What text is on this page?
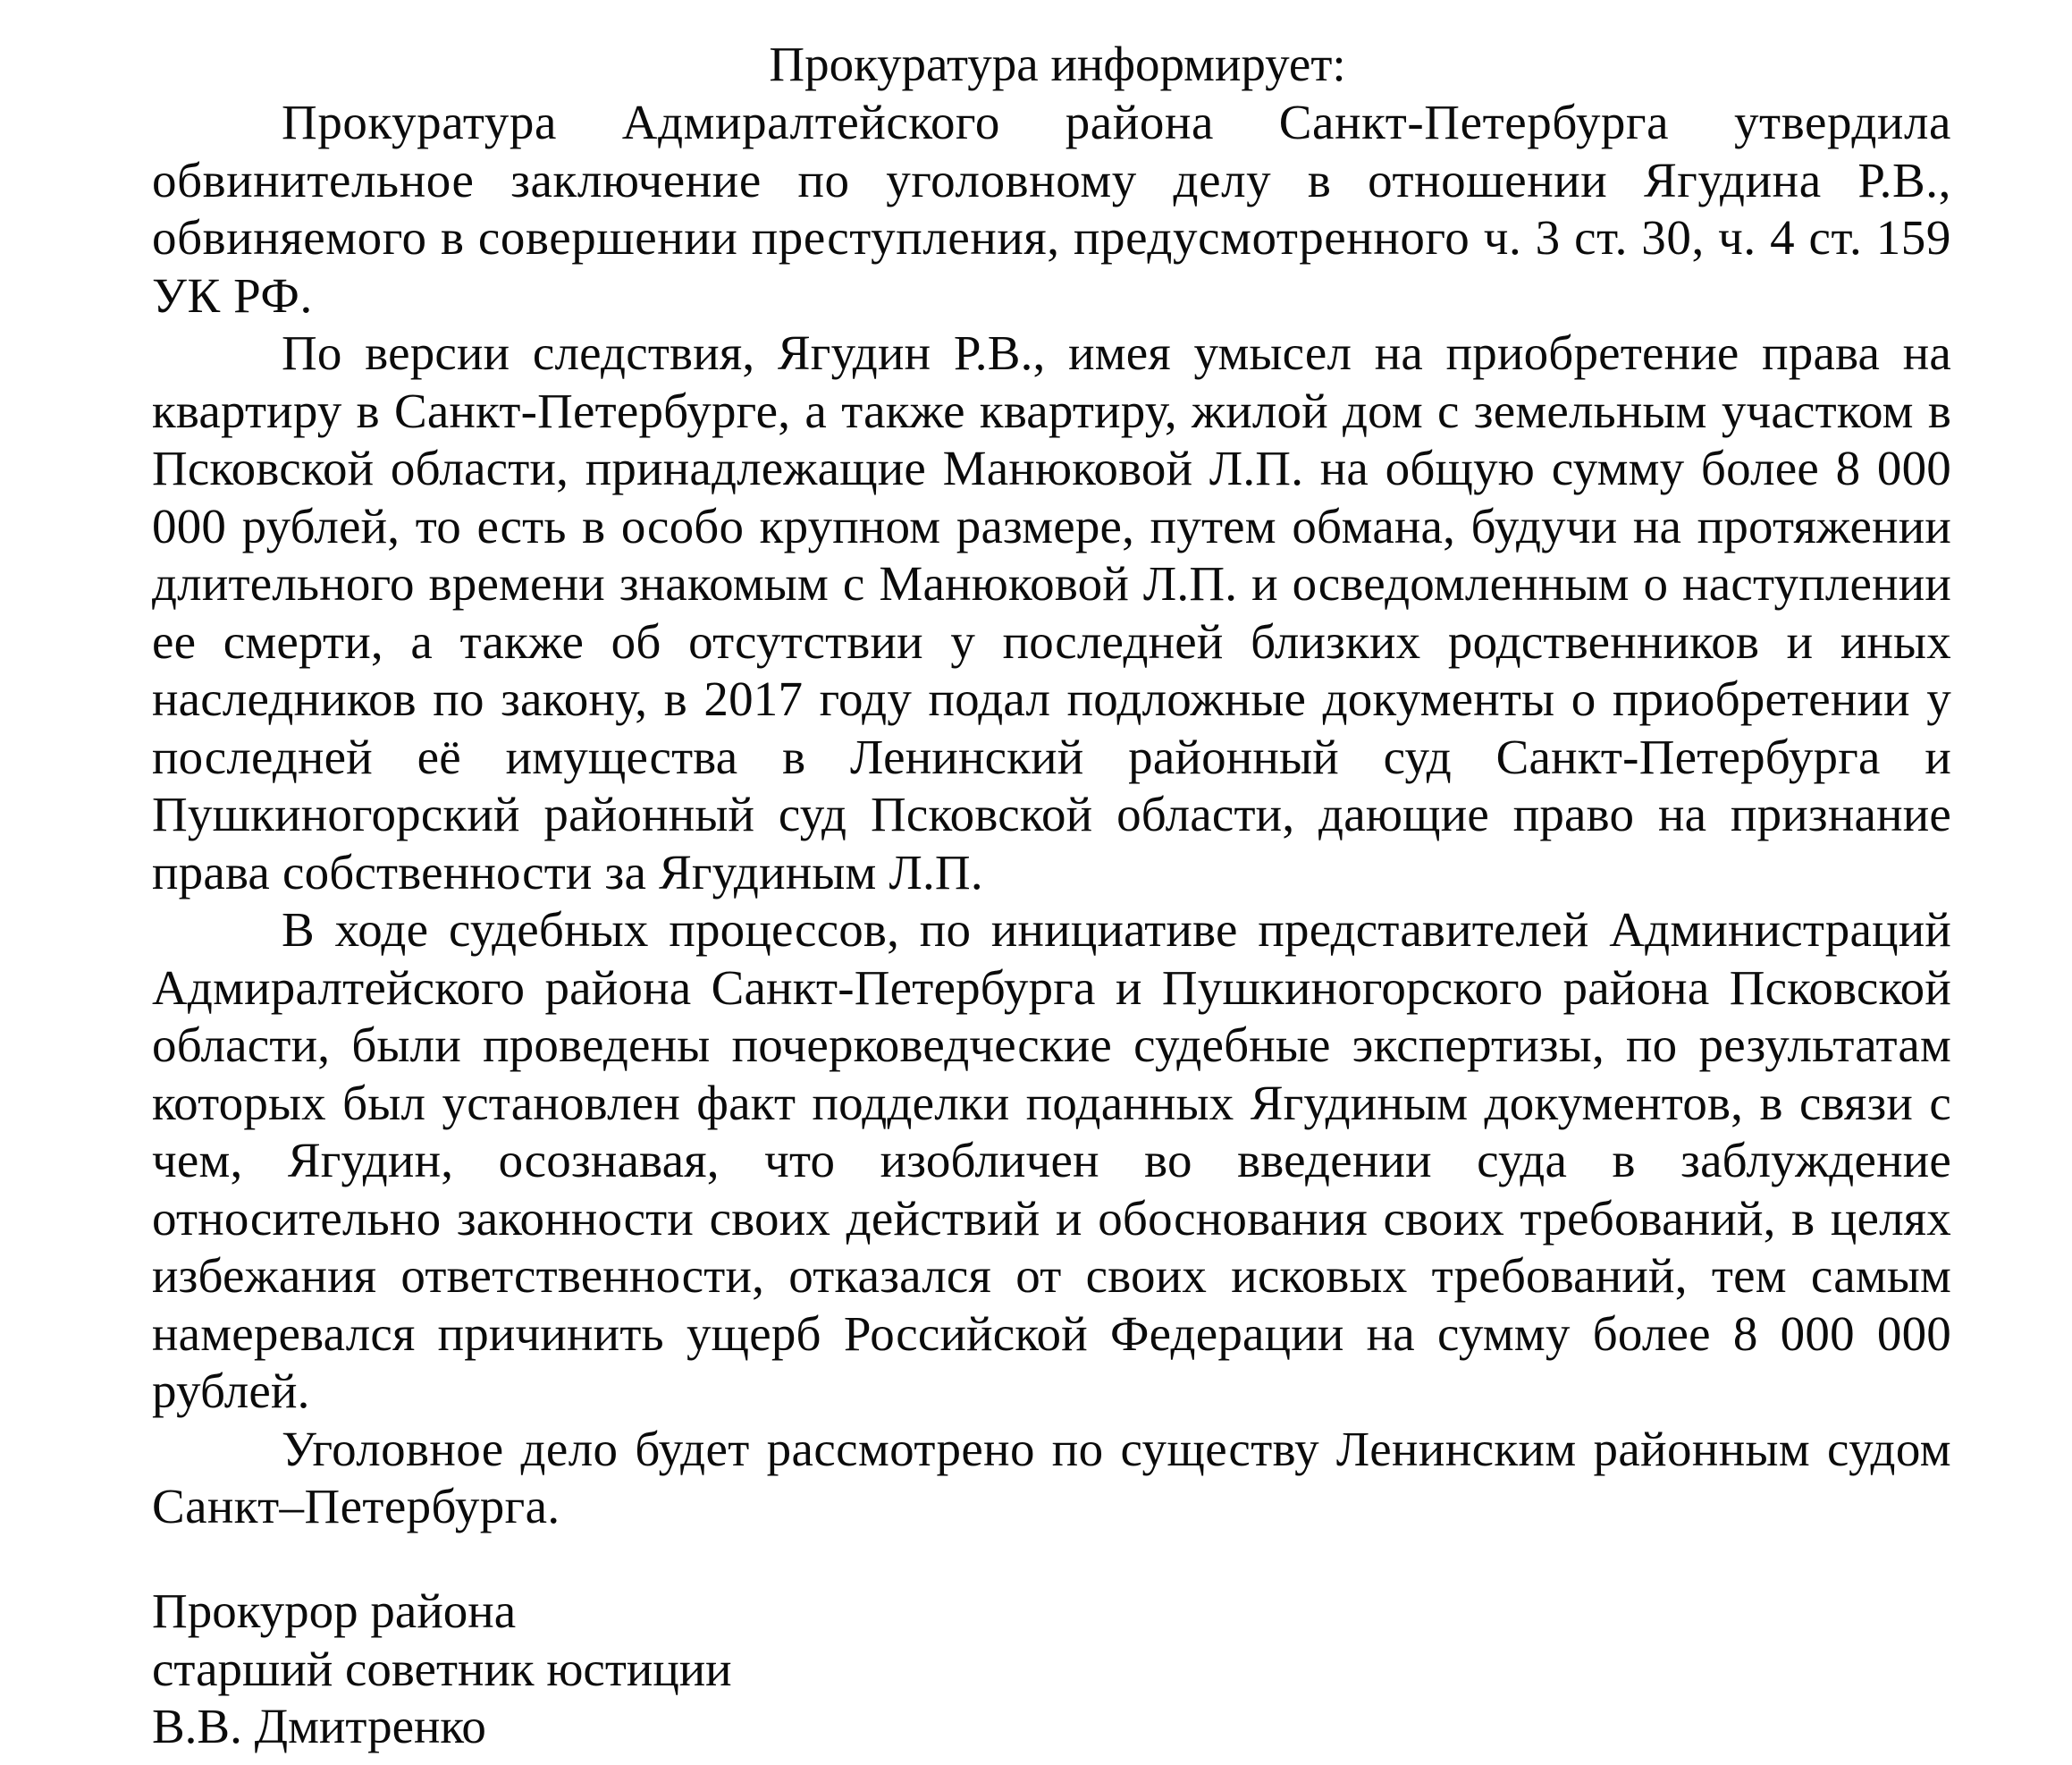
Прокуратура информирует:

Прокуратура Адмиралтейского района Санкт-Петербурга утвердила обвинительное заключение по уголовному делу в отношении Ягудина Р.В., обвиняемого в совершении преступления, предусмотренного ч. 3 ст. 30, ч. 4 ст. 159 УК РФ.

По версии следствия, Ягудин Р.В., имея умысел на приобретение права на квартиру в Санкт-Петербурге, а также квартиру, жилой дом с земельным участком в Псковской области, принадлежащие Манюковой Л.П. на общую сумму более 8 000 000 рублей, то есть в особо крупном размере, путем обмана, будучи на протяжении длительного времени знакомым с Манюковой Л.П. и осведомленным о наступлении ее смерти, а также об отсутствии у последней близких родственников и иных наследников по закону, в 2017 году подал подложные документы о приобретении у последней её имущества в Ленинский районный суд Санкт-Петербурга и Пушкиногорский районный суд Псковской области, дающие право на признание права собственности за Ягудиным Л.П.

В ходе судебных процессов, по инициативе представителей Администраций Адмиралтейского района Санкт-Петербурга и Пушкиногорского района Псковской области, были проведены почерковедческие судебные экспертизы, по результатам которых был установлен факт подделки поданных Ягудиным документов, в связи с чем, Ягудин, осознавая, что изобличен во введении суда в заблуждение относительно законности своих действий и обоснования своих требований, в целях избежания ответственности, отказался от своих исковых требований, тем самым намеревался причинить ущерб Российской Федерации на сумму более 8 000 000 рублей.

Уголовное дело будет рассмотрено по существу Ленинским районным судом Санкт–Петербурга.

Прокурор района
старший советник юстиции
В.В. Дмитренко
